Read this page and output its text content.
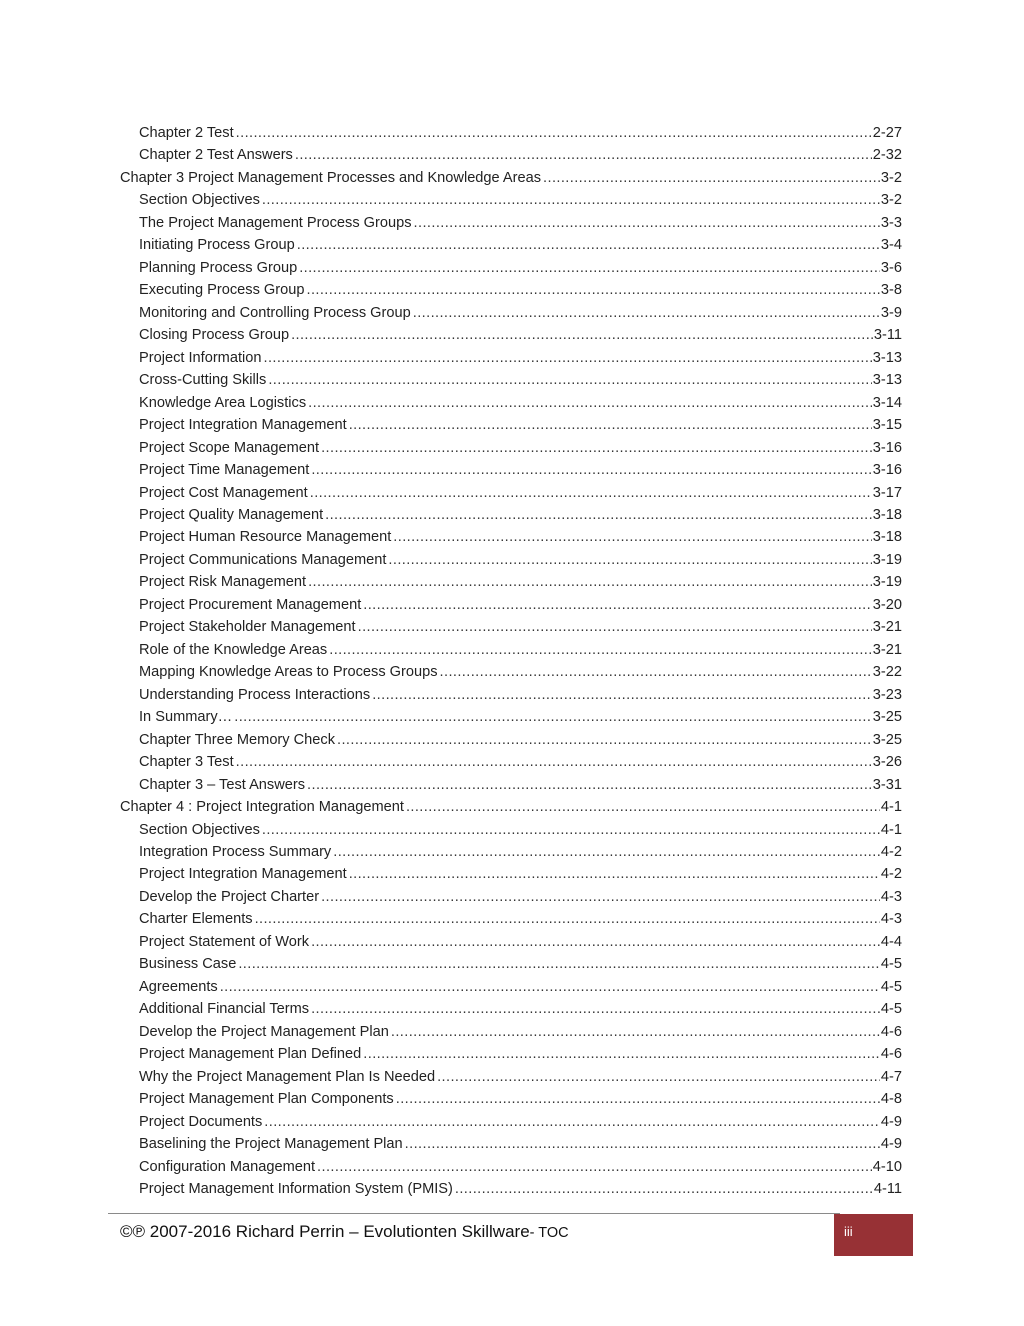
Chapter 2 Test .....	2-27
Chapter 2 Test Answers .....	2-32
Chapter 3 Project Management Processes and Knowledge Areas .....	3-2
Section Objectives .....	3-2
The Project Management Process Groups .....	3-3
Initiating Process Group .....	3-4
Planning Process Group .....	3-6
Executing Process Group .....	3-8
Monitoring and Controlling Process Group .....	3-9
Closing Process Group .....	3-11
Project Information .....	3-13
Cross-Cutting Skills .....	3-13
Knowledge Area Logistics .....	3-14
Project Integration Management .....	3-15
Project Scope Management .....	3-16
Project Time Management .....	3-16
Project Cost Management .....	3-17
Project Quality Management .....	3-18
Project Human Resource Management .....	3-18
Project Communications Management .....	3-19
Project Risk Management .....	3-19
Project Procurement Management .....	3-20
Project Stakeholder Management .....	3-21
Role of the Knowledge Areas .....	3-21
Mapping Knowledge Areas to Process Groups .....	3-22
Understanding Process Interactions .....	3-23
In Summary… .....	3-25
Chapter Three Memory Check .....	3-25
Chapter 3 Test .....	3-26
Chapter 3 – Test Answers .....	3-31
Chapter 4 : Project Integration Management .....	4-1
Section Objectives .....	4-1
Integration Process Summary .....	4-2
Project Integration Management .....	4-2
Develop the Project Charter .....	4-3
Charter Elements .....	4-3
Project Statement of Work .....	4-4
Business Case .....	4-5
Agreements .....	4-5
Additional Financial Terms .....	4-5
Develop the Project Management Plan .....	4-6
Project Management Plan Defined .....	4-6
Why the Project Management Plan Is Needed .....	4-7
Project Management Plan Components .....	4-8
Project Documents .....	4-9
Baselining the Project Management Plan .....	4-9
Configuration Management .....	4-10
Project Management Information System (PMIS) .....	4-11
©℗ 2007-2016 Richard Perrin – Evolutionten Skillware- TOC	iii
